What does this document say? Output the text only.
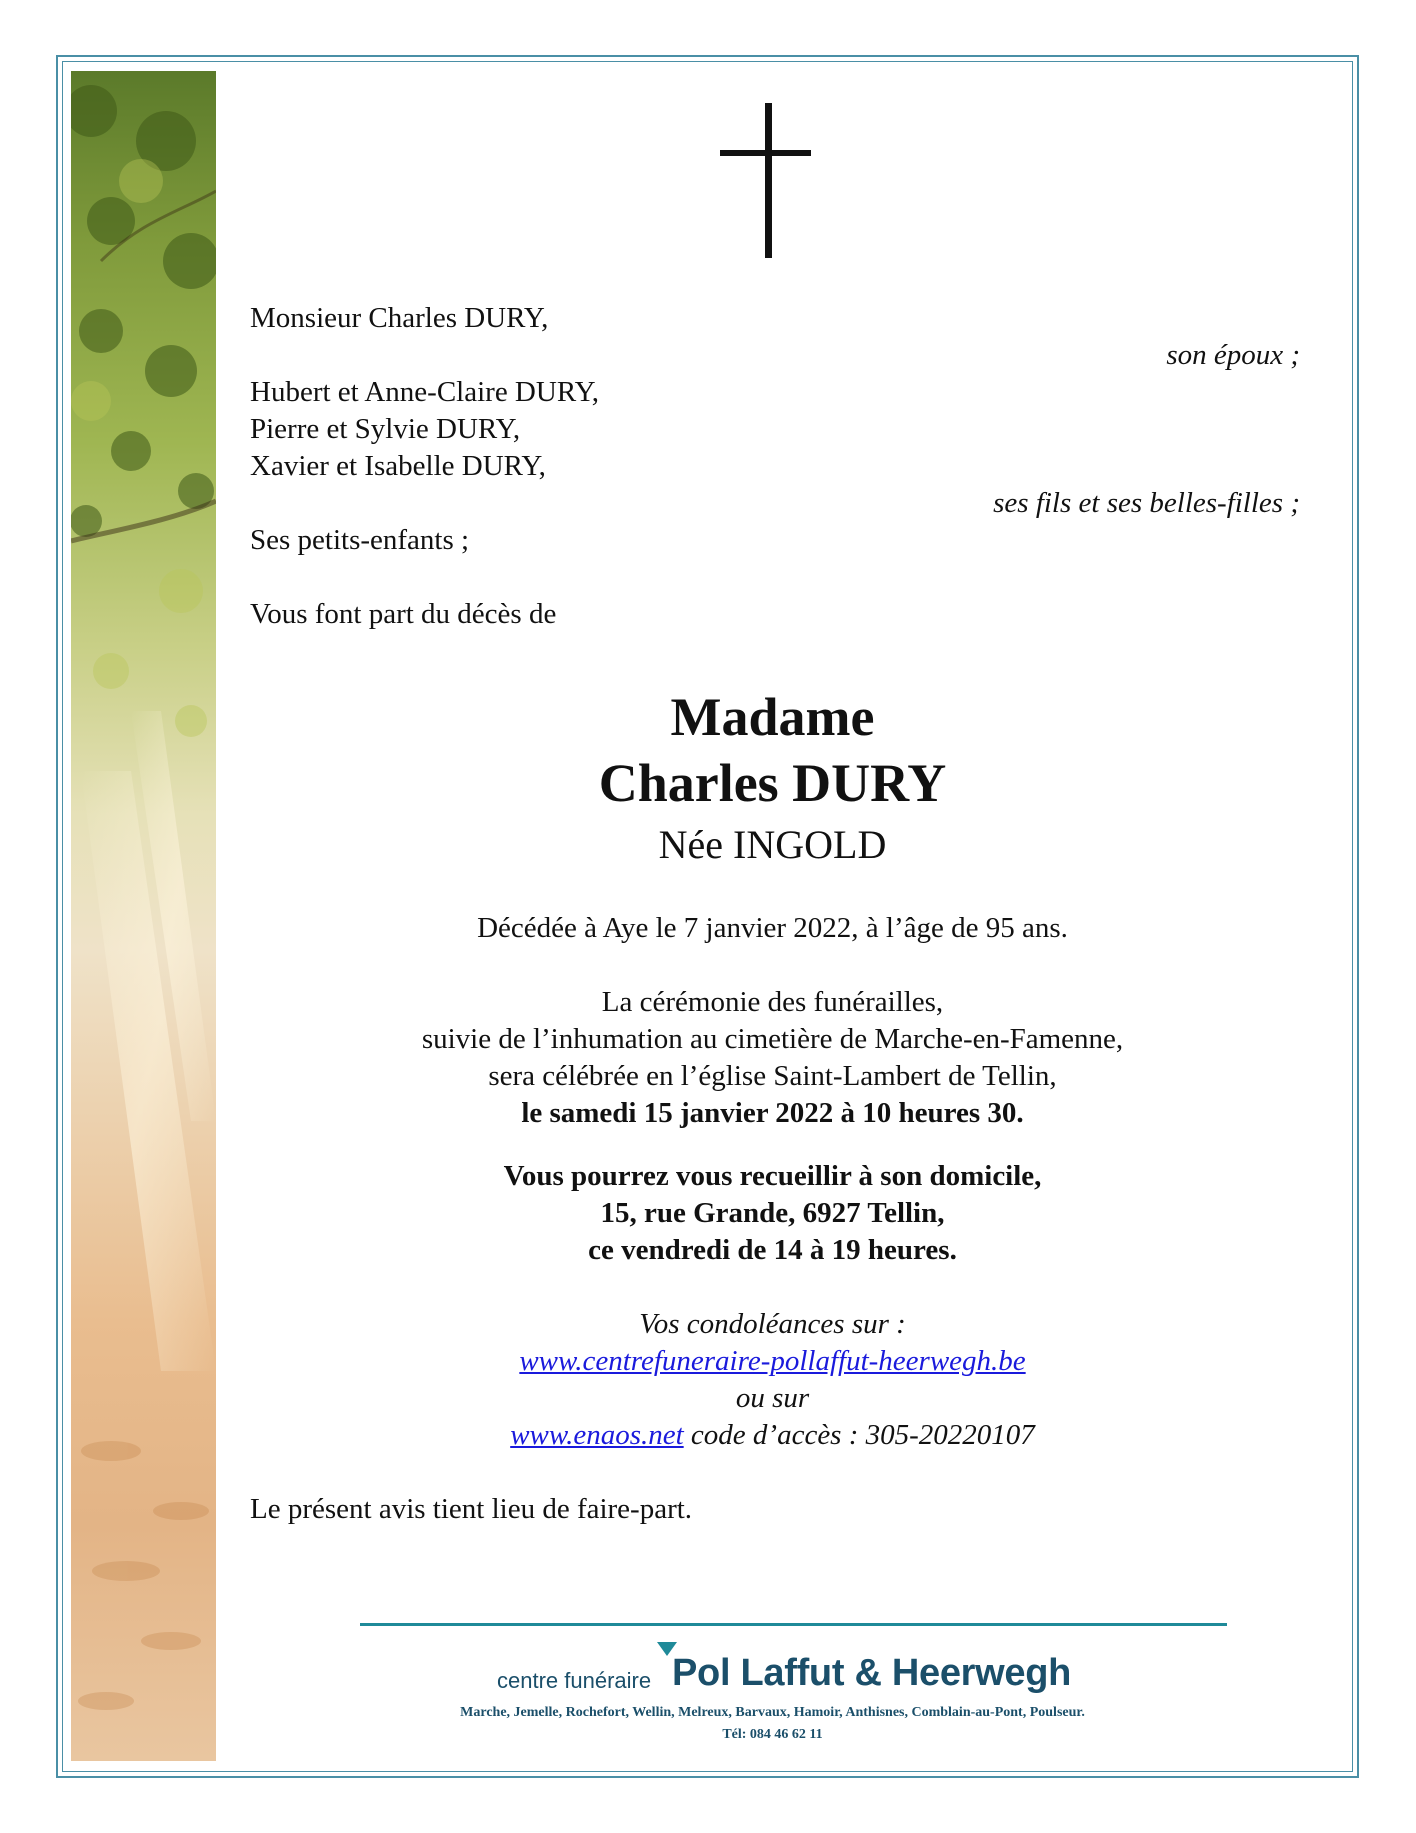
Monsieur Charles DURY,
son époux ;
Hubert et Anne-Claire DURY,
Pierre et Sylvie DURY,
Xavier et Isabelle DURY,
ses fils et ses belles-filles ;
Ses petits-enfants ;
Vous font part du décès de
Madame
Charles DURY
Née INGOLD
Décédée à Aye le 7 janvier 2022, à l’âge de 95 ans.
La cérémonie des funérailles,
suivie de l’inhumation au cimetière de Marche-en-Famenne,
sera célébrée en l’église Saint-Lambert de Tellin,
le samedi 15 janvier 2022 à 10 heures 30.
Vous pourrez vous recueillir à son domicile,
15, rue Grande, 6927 Tellin,
ce vendredi de 14 à 19 heures.
Vos condoléances sur :
www.centrefuneraire-pollaffut-heerwegh.be
ou sur
www.enaos.net code d’accès : 305-20220107
Le présent avis tient lieu de faire-part.
centre funéraire Pol Laffut & Heerwegh
Marche, Jemelle, Rochefort, Wellin, Melreux, Barvaux, Hamoir, Anthisnes, Comblain-au-Pont, Poulseur.
Tél: 084 46 62 11
